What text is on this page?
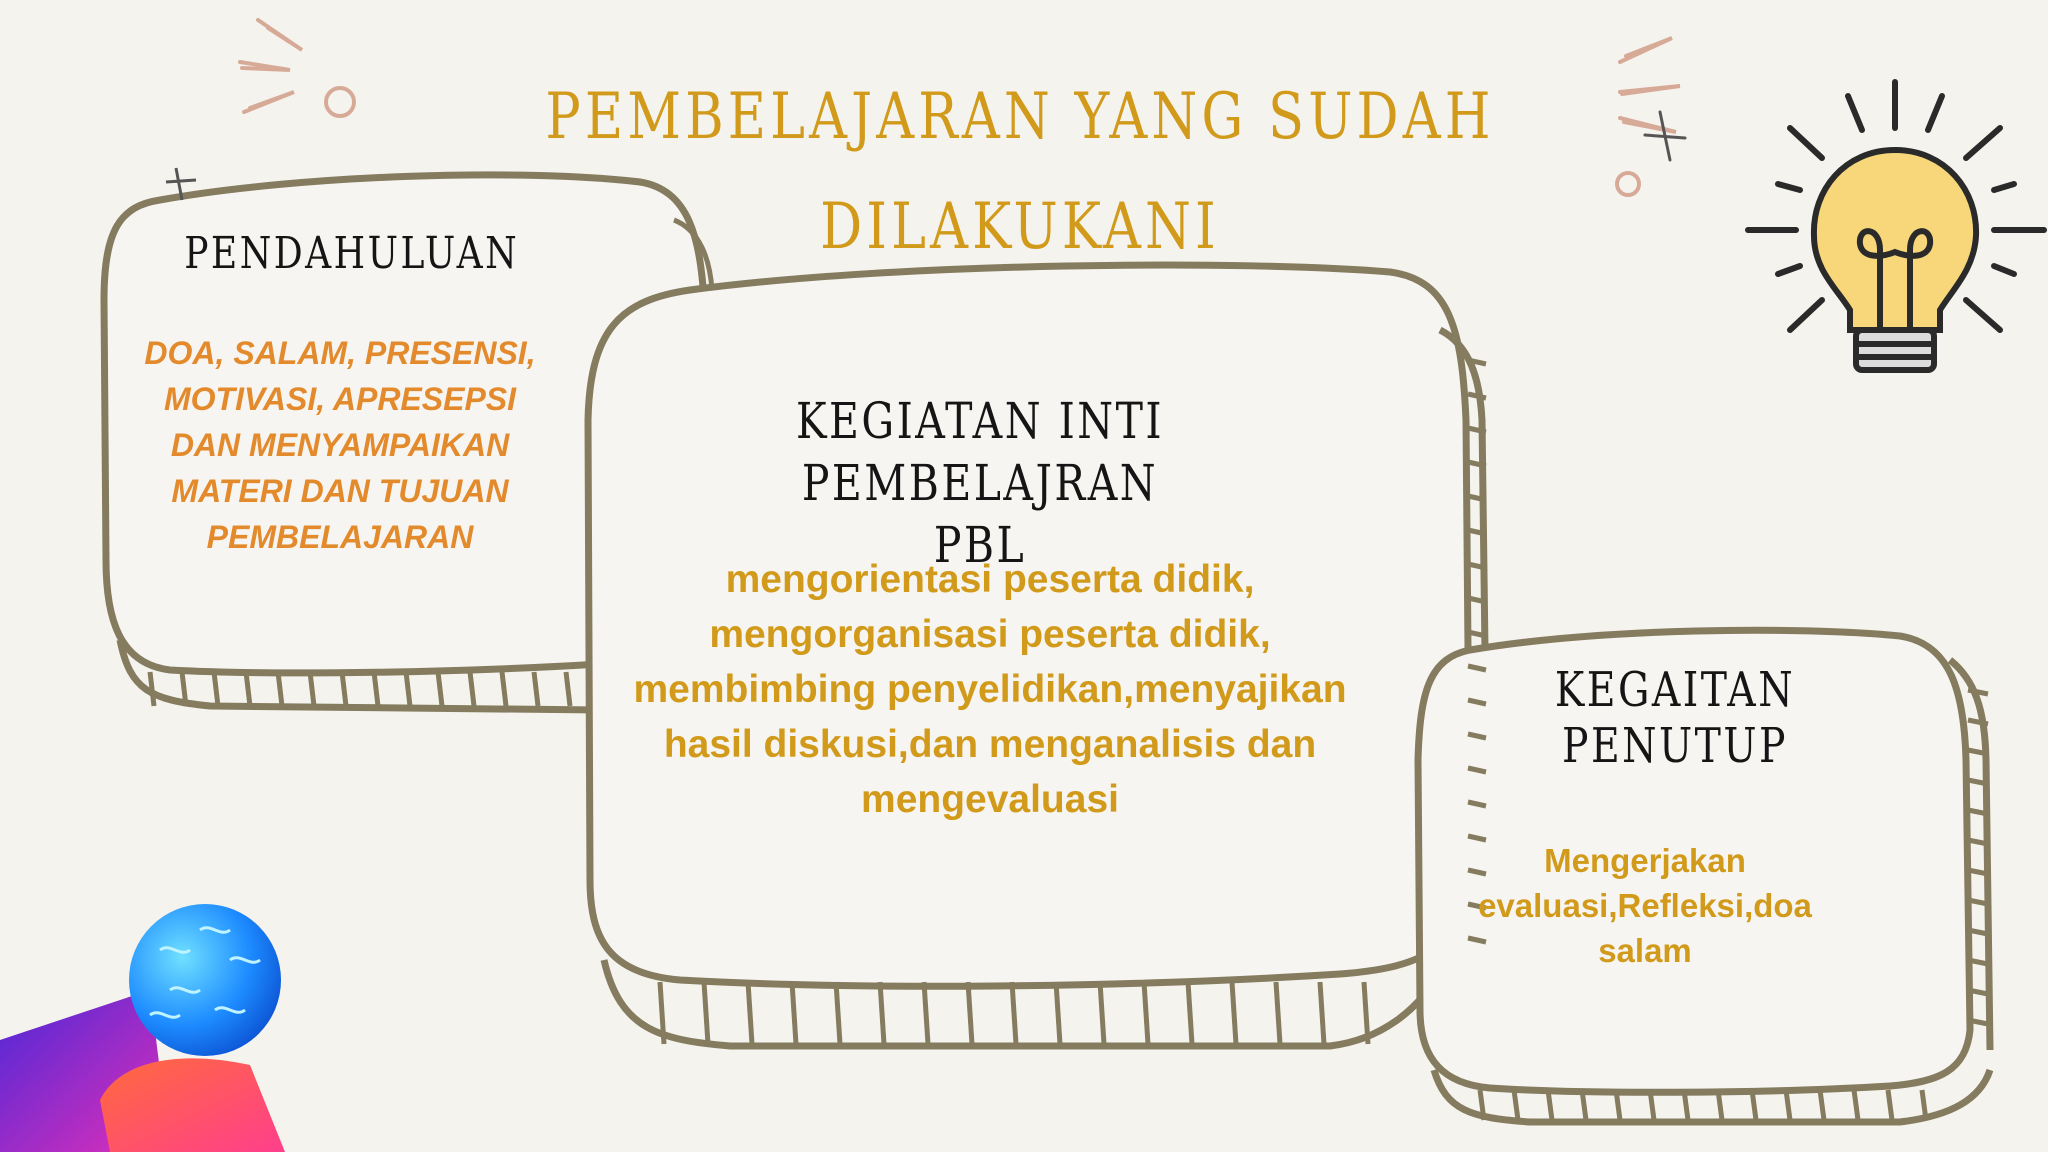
PEMBELAJARAN YANG SUDAH DILAKUKANI
PENDAHULUAN
DOA, SALAM, PRESENSI,
MOTIVASI, APRESEPSI
DAN MENYAMPAIKAN
MATERI DAN TUJUAN
PEMBELAJARAN
KEGIATAN INTI
PEMBELAJRAN PBL
mengorientasi peserta didik,
mengorganisasi peserta didik,
membimbing penyelidikan,menyajikan
hasil diskusi,dan menganalisis dan
mengevaluasi
KEGAITAN PENUTUP
Mengerjakan
evaluasi,Refleksi,doa
salam
